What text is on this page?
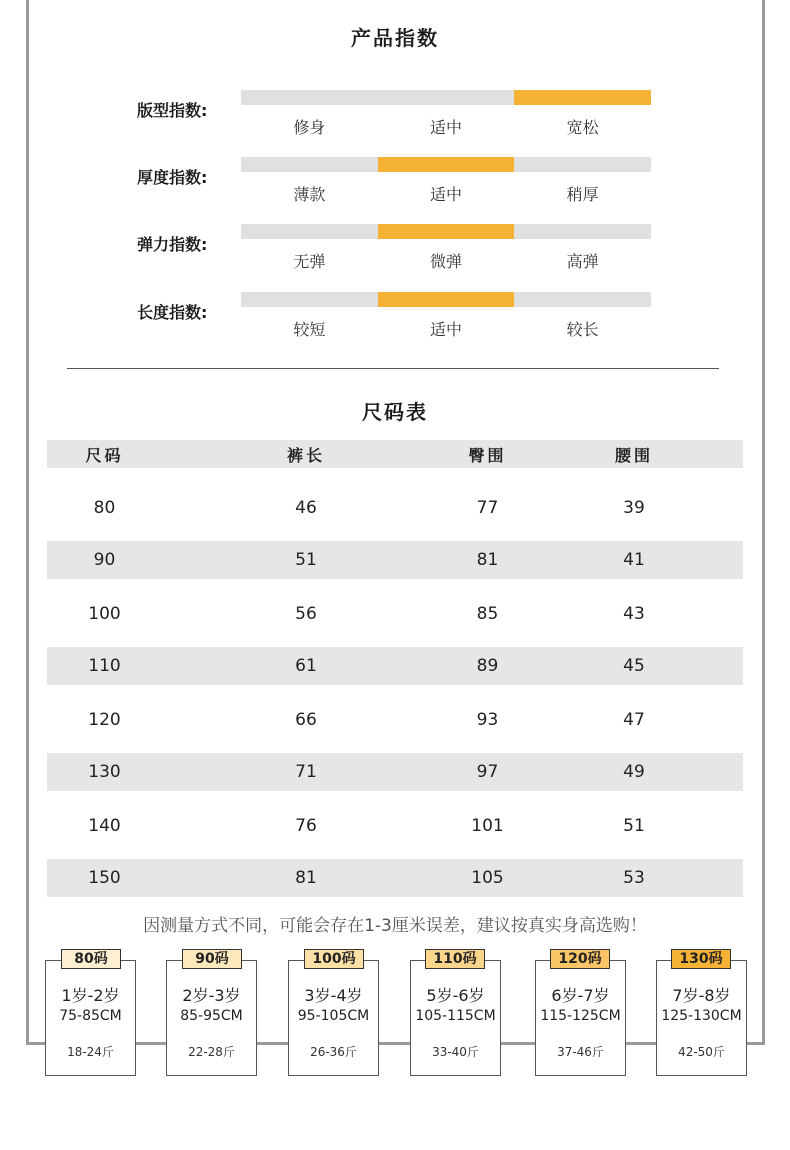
产品指数
版型指数:
修身	适中	宽松
厚度指数:
薄款	适中	稍厚
弹力指数:
无弹	微弹	高弹
长度指数:
较短	适中	较长
尺码表
尺码	裤长	臀围	腰围
80	46	77	39
90	51	81	41
100	56	85	43
110	61	89	45
120	66	93	47
130	71	97	49
140	76	101	51
150	81	105	53
因测量方式不同，可能会存在1-3厘米误差，建议按真实身高选购！
1岁-2岁
75-85CM
18-24斤
80码
2岁-3岁
85-95CM
22-28斤
90码
3岁-4岁
95-105CM
26-36斤
100码
5岁-6岁
105-115CM
33-40斤
110码
6岁-7岁
115-125CM
37-46斤
120码
7岁-8岁
125-130CM
42-50斤
130码
